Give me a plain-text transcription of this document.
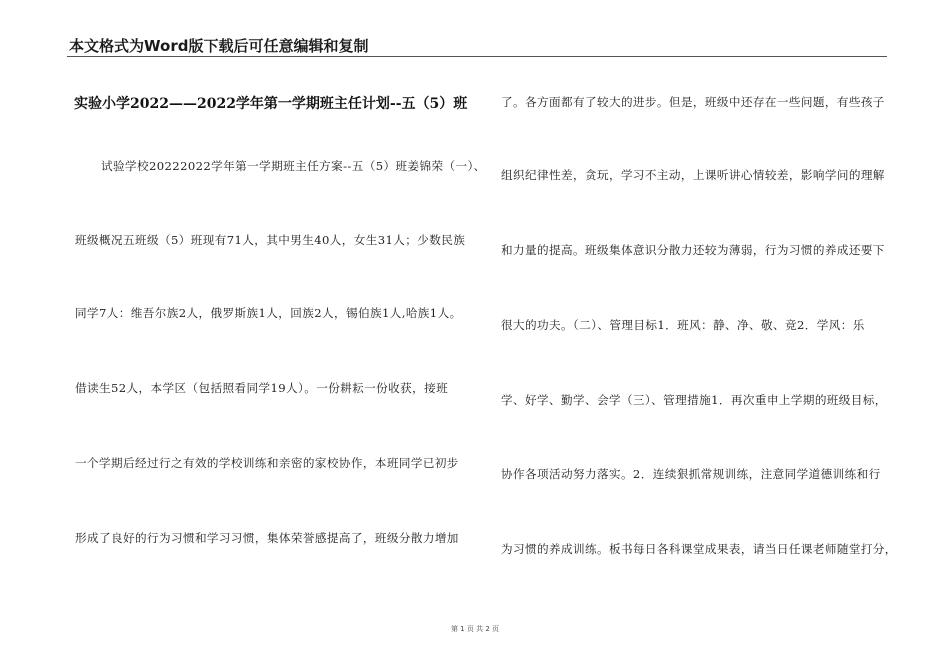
本文格式为Word版下载后可任意编辑和复制
实验小学2022——2022学年第一学期班主任计划--五（5）班
试验学校20222022学年第一学期班主任方案--五（5）班姜锦荣（一）、
班级概况五班级（5）班现有71人，其中男生40人，女生31人；少数民族
同学7人：维吾尔族2人，俄罗斯族1人，回族2人，锡伯族1人,哈族1人。
借读生52人，本学区（包括照看同学19人）。一份耕耘一份收获，接班
一个学期后经过行之有效的学校训练和亲密的家校协作，本班同学已初步
形成了良好的行为习惯和学习习惯，集体荣誉感提高了，班级分散力增加
了。各方面都有了较大的进步。但是，班级中还存在一些问题，有些孩子
组织纪律性差，贪玩，学习不主动，上课听讲心情较差，影响学问的理解
和力量的提高。班级集体意识分散力还较为薄弱，行为习惯的养成还要下
很大的功夫。（二）、管理目标1．班风：静、净、敬、竞2．学风：乐
学、好学、勤学、会学（三）、管理措施1．再次重申上学期的班级目标，
协作各项活动努力落实。2．连续狠抓常规训练，注意同学道德训练和行
为习惯的养成训练。板书每日各科课堂成果表，请当日任课老师随堂打分，
第 1 页 共 2 页
